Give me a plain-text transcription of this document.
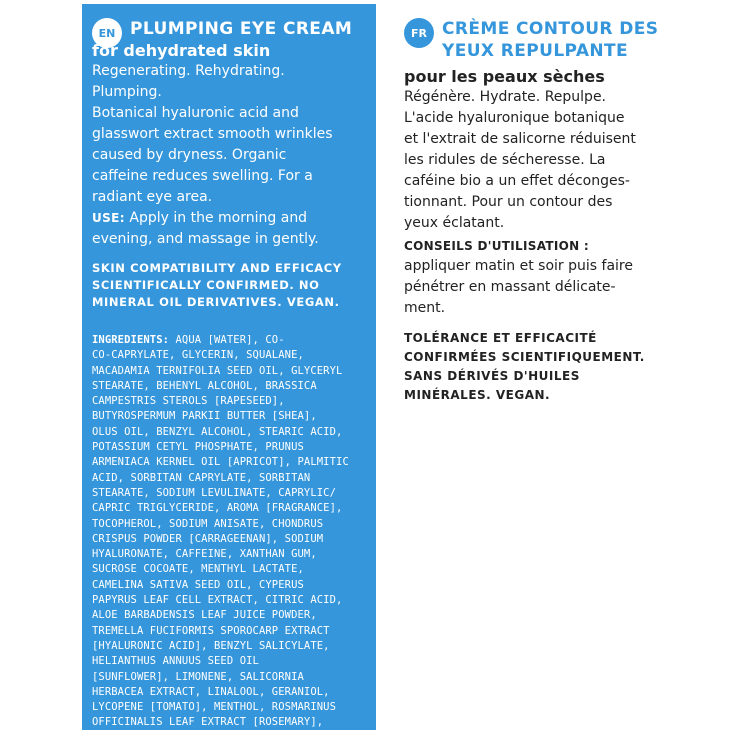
EN PLUMPING EYE CREAM
for dehydrated skin

Regenerating. Rehydrating.

Plumping.

Botanical hyaluronic acid and

glasswort extract smooth wrinkles

caused by dryness. Organic

caffeine reduces swelling. For a

radiant eye area.

USE: Apply in the morning and

evening, and massage in gently.

SKIN COMPATIBILITY AND EFFICACY
SCIENTIFICALLY CONFIRMED. NO
MINERAL OIL DERIVATIVES. VEGAN.
INGREDIENTS: AQUA [WATER], CO-
CO-CAPRYLATE, GLYCERIN, SQUALANE,
MACADAMIA TERNIFOLIA SEED OIL, GLYCERYL
STEARATE, BEHENYL ALCOHOL, BRASSICA
CAMPESTRIS STEROLS [RAPESEED],
BUTYROSPERMUM PARKII BUTTER [SHEA],
OLUS OIL, BENZYL ALCOHOL, STEARIC ACID,
POTASSIUM CETYL PHOSPHATE, PRUNUS
ARMENIACA KERNEL OIL [APRICOT], PALMITIC
ACID, SORBITAN CAPRYLATE, SORBITAN
STEARATE, SODIUM LEVULINATE, CAPRYLIC/
CAPRIC TRIGLYCERIDE, AROMA [FRAGRANCE],
TOCOPHEROL, SODIUM ANISATE, CHONDRUS
CRISPUS POWDER [CARRAGEENAN], SODIUM
HYALURONATE, CAFFEINE, XANTHAN GUM,
SUCROSE COCOATE, MENTHYL LACTATE,
CAMELINA SATIVA SEED OIL, CYPERUS
PAPYRUS LEAF CELL EXTRACT, CITRIC ACID,
ALOE BARBADENSIS LEAF JUICE POWDER,
TREMELLA FUCIFORMIS SPOROCARP EXTRACT
[HYALURONIC ACID], BENZYL SALICYLATE,
HELIANTHUS ANNUUS SEED OIL
[SUNFLOWER], LIMONENE, SALICORNIA
HERBACEA EXTRACT, LINALOOL, GERANIOL,
LYCOPENE [TOMATO], MENTHOL, ROSMARINUS
OFFICINALIS LEAF EXTRACT [ROSEMARY],
ALCOHOL
FR CRÈME CONTOUR DES
YEUX REPULPANTE
pour les peaux sèches

Régénère. Hydrate. Repulpe.

L'acide hyaluronique botanique

et l'extrait de salicorne réduisent

les ridules de sécheresse. La

caféine bio a un effet déconges-

tionnant. Pour un contour des

yeux éclatant.

CONSEILS D'UTILISATION :

appliquer matin et soir puis faire

pénétrer en massant délicate-

ment.

TOLÉRANCE ET EFFICACITÉ
CONFIRMÉES SCIENTIFIQUEMENT.
SANS DÉRIVÉS D'HUILES
MINÉRALES. VEGAN.
